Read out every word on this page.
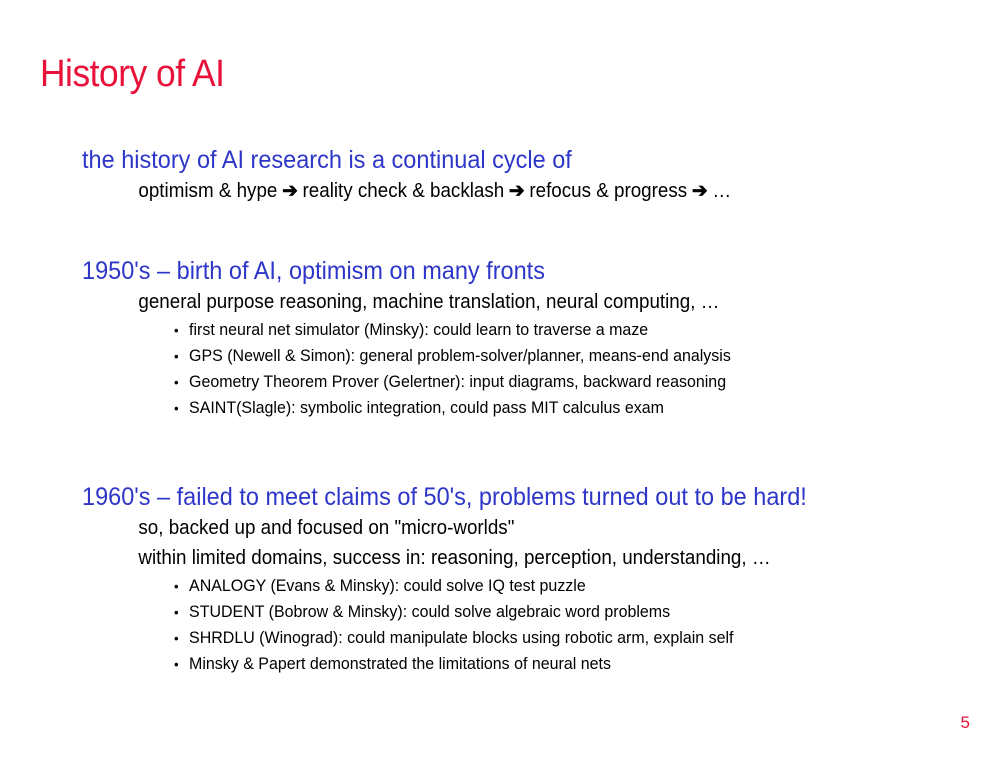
History of AI

the history of AI research is a continual cycle of

optimism & hype ➔ reality check & backlash ➔ refocus & progress ➔ …

1950's – birth of AI, optimism on many fronts

general purpose reasoning, machine translation, neural computing, …

• first neural net simulator (Minsky): could learn to traverse a maze
• GPS (Newell & Simon): general problem-solver/planner, means-end analysis
• Geometry Theorem Prover (Gelertner): input diagrams, backward reasoning
• SAINT(Slagle): symbolic integration, could pass MIT calculus exam

1960's – failed to meet claims of 50's, problems turned out to be hard!

so, backed up and focused on "micro-worlds"

within limited domains, success in: reasoning, perception, understanding, …

• ANALOGY (Evans & Minsky): could solve IQ test puzzle
• STUDENT (Bobrow & Minsky): could solve algebraic word problems
• SHRDLU (Winograd): could manipulate blocks using robotic arm, explain self
• Minsky & Papert demonstrated the limitations of neural nets
5
